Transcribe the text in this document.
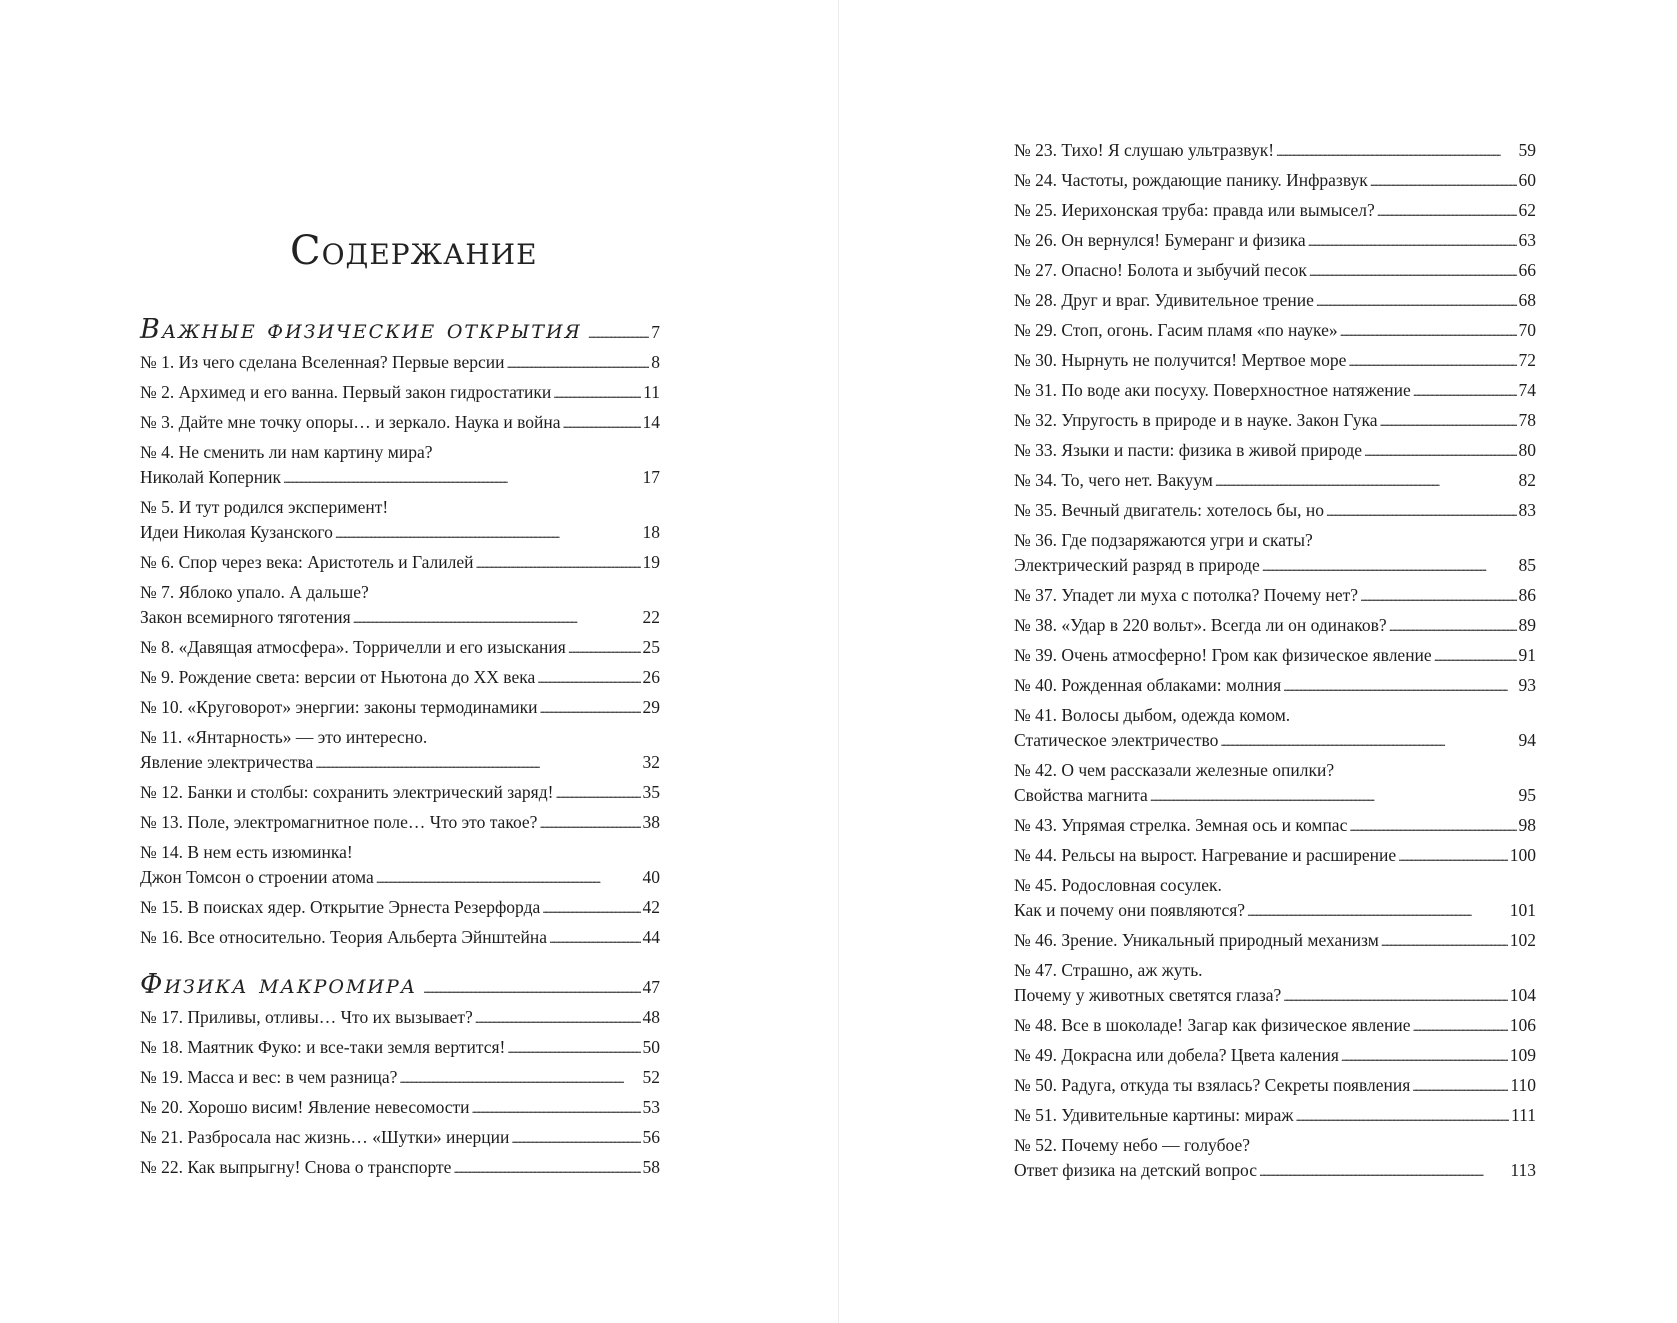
Содержание
Важные физические открытия . . .	7
№ 1. Из чего сделана Вселенная? Первые версии . . .	8
№ 2. Архимед и его ванна. Первый закон гидростатики . . .	11
№ 3. Дайте мне точку опоры… и зеркало. Наука и война . . .	14
№ 4. Не сменить ли нам картину мира?
Николай Коперник . . .	17
№ 5. И тут родился эксперимент!
Идеи Николая Кузанского . . .	18
№ 6. Спор через века: Аристотель и Галилей . . .	19
№ 7. Яблоко упало. А дальше?
Закон всемирного тяготения . . .	22
№ 8. «Давящая атмосфера». Торричелли и его изыскания . . .	25
№ 9. Рождение света: версии от Ньютона до XX века . . .	26
№ 10. «Круговорот» энергии: законы термодинамики . . .	29
№ 11. «Янтарность» — это интересно.
Явление электричества . . .	32
№ 12. Банки и столбы: сохранить электрический заряд! . . .	35
№ 13. Поле, электромагнитное поле… Что это такое? . . .	38
№ 14. В нем есть изюминка!
Джон Томсон о строении атома . . .	40
№ 15. В поисках ядер. Открытие Эрнеста Резерфорда . . .	42
№ 16. Все относительно. Теория Альберта Эйнштейна . . .	44
Физика макромира . . .	47
№ 17. Приливы, отливы… Что их вызывает? . . .	48
№ 18. Маятник Фуко: и все-таки земля вертится! . . .	50
№ 19. Масса и вес: в чем разница? . . .	52
№ 20. Хорошо висим! Явление невесомости . . .	53
№ 21. Разбросала нас жизнь… «Шутки» инерции . . .	56
№ 22. Как выпрыгну! Снова о транспорте . . .	58
№ 23. Тихо! Я слушаю ультразвук! . . .	59
№ 24. Частоты, рождающие панику. Инфразвук . . .	60
№ 25. Иерихонская труба: правда или вымысел? . . .	62
№ 26. Он вернулся! Бумеранг и физика . . .	63
№ 27. Опасно! Болота и зыбучий песок . . .	66
№ 28. Друг и враг. Удивительное трение . . .	68
№ 29. Стоп, огонь. Гасим пламя «по науке» . . .	70
№ 30. Нырнуть не получится! Мертвое море . . .	72
№ 31. По воде аки посуху. Поверхностное натяжение . . .	74
№ 32. Упругость в природе и в науке. Закон Гука . . .	78
№ 33. Языки и пасти: физика в живой природе . . .	80
№ 34. То, чего нет. Вакуум . . .	82
№ 35. Вечный двигатель: хотелось бы, но . . .	83
№ 36. Где подзаряжаются угри и скаты?
Электрический разряд в природе . . .	85
№ 37. Упадет ли муха с потолка? Почему нет? . . .	86
№ 38. «Удар в 220 вольт». Всегда ли он одинаков? . . .	89
№ 39. Очень атмосферно! Гром как физическое явление . . .	91
№ 40. Рожденная облаками: молния . . .	93
№ 41. Волосы дыбом, одежда комом.
Статическое электричество . . .	94
№ 42. О чем рассказали железные опилки?
Свойства магнита . . .	95
№ 43. Упрямая стрелка. Земная ось и компас . . .	98
№ 44. Рельсы на вырост. Нагревание и расширение . . .	100
№ 45. Родословная сосулек.
Как и почему они появляются? . . .	101
№ 46. Зрение. Уникальный природный механизм . . .	102
№ 47. Страшно, аж жуть.
Почему у животных светятся глаза? . . .	104
№ 48. Все в шоколаде! Загар как физическое явление . . .	106
№ 49. Докрасна или добела? Цвета каления . . .	109
№ 50. Радуга, откуда ты взялась? Секреты появления . . .	110
№ 51. Удивительные картины: мираж . . .	111
№ 52. Почему небо — голубое?
Ответ физика на детский вопрос . . .	113
